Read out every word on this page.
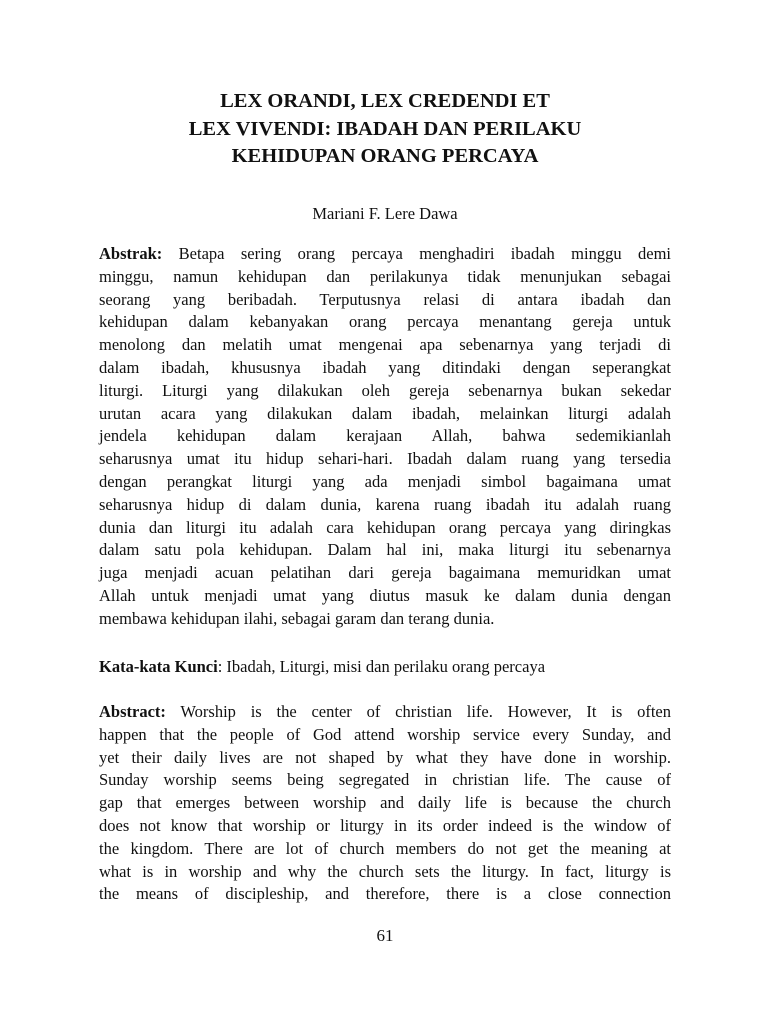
LEX ORANDI, LEX CREDENDI ET
LEX VIVENDI: IBADAH DAN PERILAKU
KEHIDUPAN ORANG PERCAYA
Mariani F. Lere Dawa
Abstrak: Betapa sering orang percaya menghadiri ibadah minggu demi
minggu, namun kehidupan dan perilakunya tidak menunjukan sebagai
seorang yang beribadah. Terputusnya relasi di antara ibadah dan
kehidupan dalam kebanyakan orang percaya menantang gereja untuk
menolong dan melatih umat mengenai apa sebenarnya yang terjadi di
dalam ibadah, khususnya ibadah yang ditindaki dengan seperangkat
liturgi. Liturgi yang dilakukan oleh gereja sebenarnya bukan sekedar
urutan acara yang dilakukan dalam ibadah, melainkan liturgi adalah
jendela kehidupan dalam kerajaan Allah, bahwa sedemikianlah
seharusnya umat itu hidup sehari-hari. Ibadah dalam ruang yang tersedia
dengan perangkat liturgi yang ada menjadi simbol bagaimana umat
seharusnya hidup di dalam dunia, karena ruang ibadah itu adalah ruang
dunia dan liturgi itu adalah cara kehidupan orang percaya yang diringkas
dalam satu pola kehidupan. Dalam hal ini, maka liturgi itu sebenarnya
juga menjadi acuan pelatihan dari gereja bagaimana memuridkan umat
Allah untuk menjadi umat yang diutus masuk ke dalam dunia dengan
membawa kehidupan ilahi, sebagai garam dan terang dunia.
Kata-kata Kunci: Ibadah, Liturgi, misi dan perilaku orang percaya
Abstract: Worship is the center of christian life. However, It is often
happen that the people of God attend worship service every Sunday, and
yet their daily lives are not shaped by what they have done in worship.
Sunday worship seems being segregated in christian life. The cause of
gap that emerges between worship and daily life is because the church
does not know that worship or liturgy in its order indeed is the window of
the kingdom. There are lot of church members do not get the meaning at
what is in worship and why the church sets the liturgy. In fact, liturgy is
the means of discipleship, and therefore, there is a close connection
61
